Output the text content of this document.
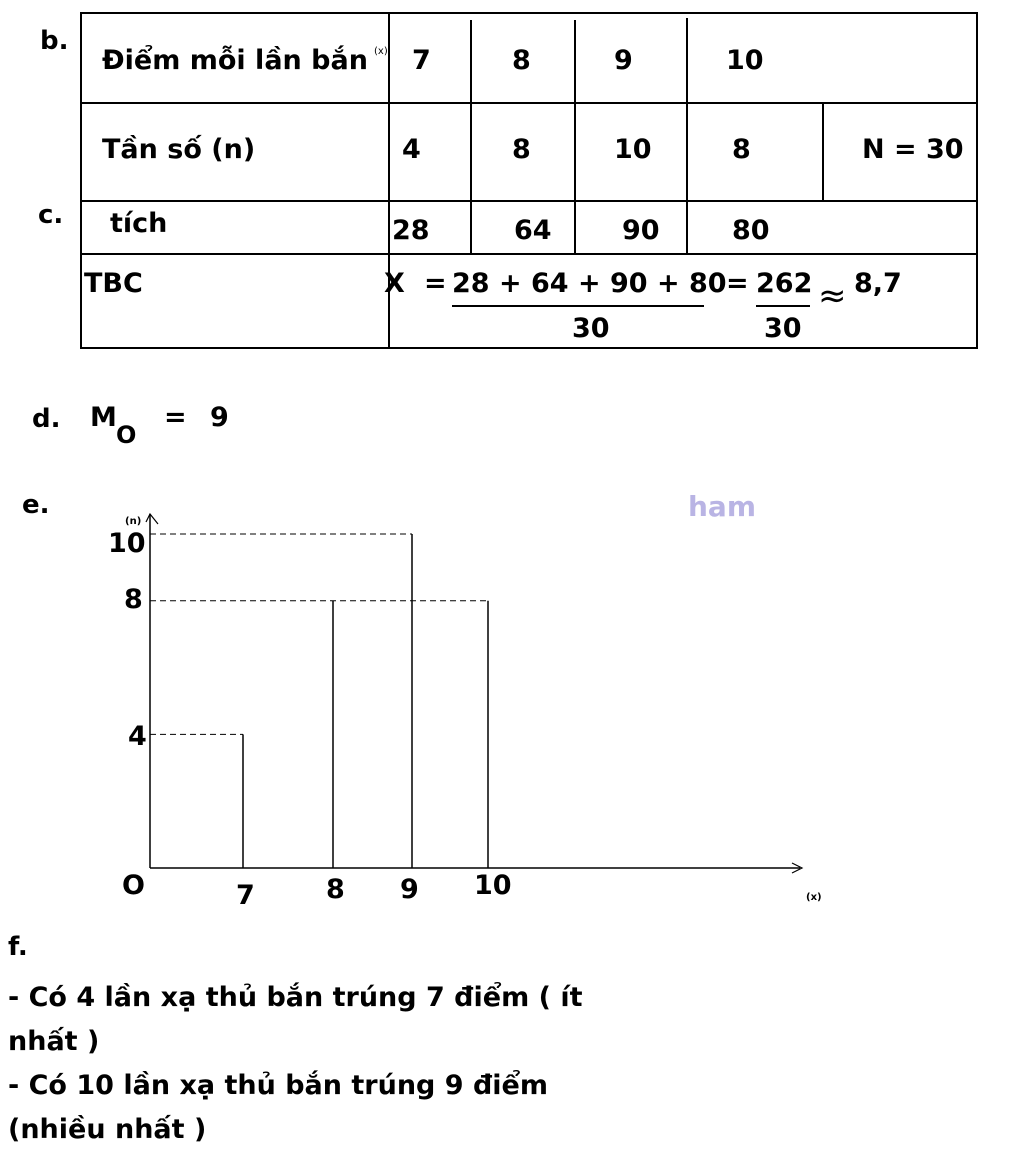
b.
c.
Điểm mỗi lần bắn (x) 7	8	9	10
Tần số (n)	4	8	10	8	N = 30
tích	28	64	90	80
TBC	X = 28 + 64 + 90 + 80
30
= 262
30
≈ 8,7
d. M
O
= 9
e.	ham
(n)
(x)
O
4
8
10
7	8 9 10
f.
- Có 4 lần xạ thủ bắn trúng 7 điểm ( ít
nhất )
- Có 10 lần xạ thủ bắn trúng 9 điểm
(nhiều nhất )
